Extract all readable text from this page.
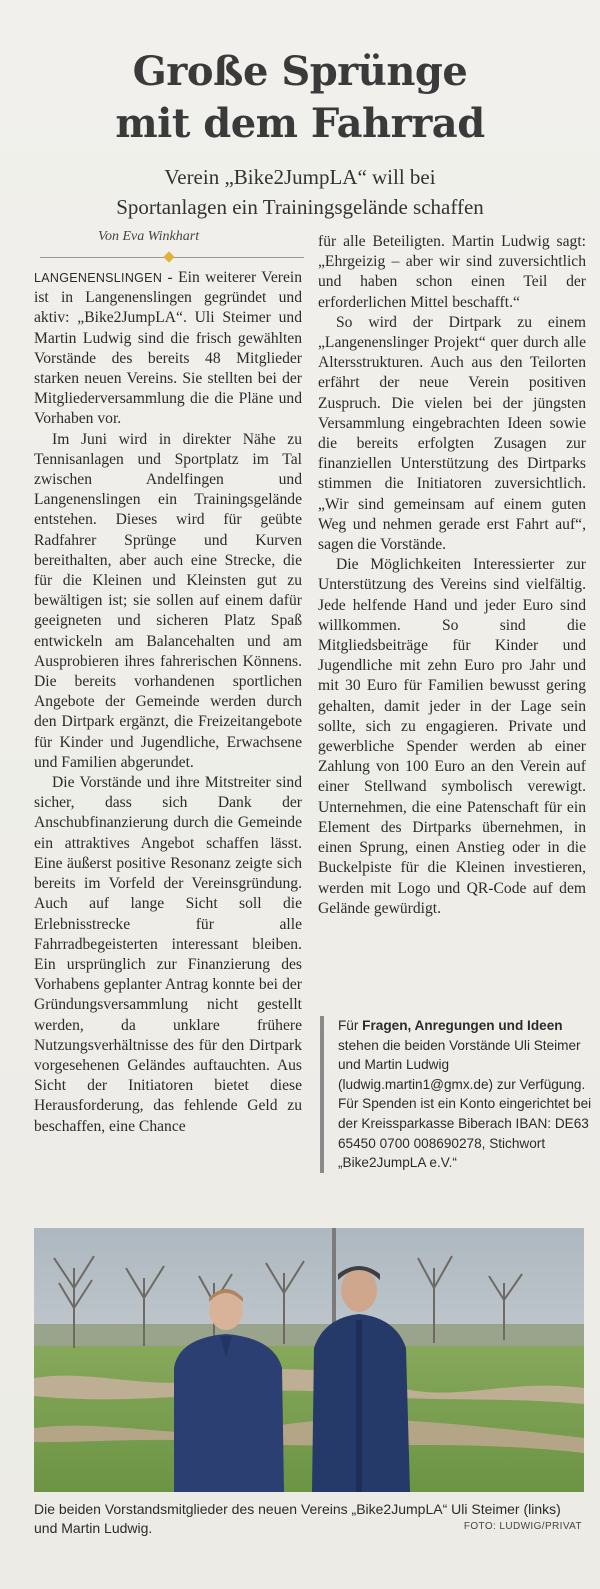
Große Sprünge
mit dem Fahrrad
Verein „Bike2JumpLA“ will bei
Sportanlagen ein Trainingsgelände schaffen
Von Eva Winkhart

LANGENENSLINGEN - Ein weiterer Verein ist in Langenenslingen gegründet und aktiv: „Bike2JumpLA“. Uli Steimer und Martin Ludwig sind die frisch gewählten Vorstände des bereits 48 Mitglieder starken neuen Vereins. Sie stellten bei der Mitgliederversammlung die die Pläne und Vorhaben vor.

Im Juni wird in direkter Nähe zu Tennisanlagen und Sportplatz im Tal zwischen Andelfingen und Langenenslingen ein Trainingsgelände entstehen. Dieses wird für geübte Radfahrer Sprünge und Kurven bereithalten, aber auch eine Strecke, die für die Kleinen und Kleinsten gut zu bewältigen ist; sie sollen auf einem dafür geeigneten und sicheren Platz Spaß entwickeln am Balancehalten und am Ausprobieren ihres fahrerischen Könnens. Die bereits vorhandenen sportlichen Angebote der Gemeinde werden durch den Dirtpark ergänzt, die Freizeitangebote für Kinder und Jugendliche, Erwachsene und Familien abgerundet.

Die Vorstände und ihre Mitstreiter sind sicher, dass sich Dank der Anschubfinanzierung durch die Gemeinde ein attraktives Angebot schaffen lässt. Eine äußerst positive Resonanz zeigte sich bereits im Vorfeld der Vereinsgründung. Auch auf lange Sicht soll die Erlebnisstrecke für alle Fahrradbegeisterten interessant bleiben. Ein ursprünglich zur Finanzierung des Vorhabens geplanter Antrag konnte bei der Gründungsversammlung nicht gestellt werden, da unklare frühere Nutzungsverhältnisse des für den Dirtpark vorgesehenen Geländes auftauchten. Aus Sicht der Initiatoren bietet diese Herausforderung, das fehlende Geld zu beschaffen, eine Chance

für alle Beteiligten. Martin Ludwig sagt: „Ehrgeizig – aber wir sind zuversichtlich und haben schon einen Teil der erforderlichen Mittel beschafft.“

So wird der Dirtpark zu einem „Langenenslinger Projekt“ quer durch alle Altersstrukturen. Auch aus den Teilorten erfährt der neue Verein positiven Zuspruch. Die vielen bei der jüngsten Versammlung eingebrachten Ideen sowie die bereits erfolgten Zusagen zur finanziellen Unterstützung des Dirtparks stimmen die Initiatoren zuversichtlich. „Wir sind gemeinsam auf einem guten Weg und nehmen gerade erst Fahrt auf“, sagen die Vorstände.

Die Möglichkeiten Interessierter zur Unterstützung des Vereins sind vielfältig. Jede helfende Hand und jeder Euro sind willkommen. So sind die Mitgliedsbeiträge für Kinder und Jugendliche mit zehn Euro pro Jahr und mit 30 Euro für Familien bewusst gering gehalten, damit jeder in der Lage sein sollte, sich zu engagieren. Private und gewerbliche Spender werden ab einer Zahlung von 100 Euro an den Verein auf einer Stellwand symbolisch verewigt. Unternehmen, die eine Patenschaft für ein Element des Dirtparks übernehmen, in einen Sprung, einen Anstieg oder in die Buckelpiste für die Kleinen investieren, werden mit Logo und QR-Code auf dem Gelände gewürdigt.

Für Fragen, Anregungen und Ideen stehen die beiden Vorstände Uli Steimer und Martin Ludwig (ludwig.martin1@gmx.de) zur Verfügung. Für Spenden ist ein Konto eingerichtet bei der Kreissparkasse Biberach IBAN: DE63 65450 0700 008690278, Stichwort „Bike2JumpLA e.V.“
Die beiden Vorstandsmitglieder des neuen Vereins „Bike2JumpLA“ Uli Steimer (links) und Martin Ludwig.	FOTO: LUDWIG/PRIVAT
